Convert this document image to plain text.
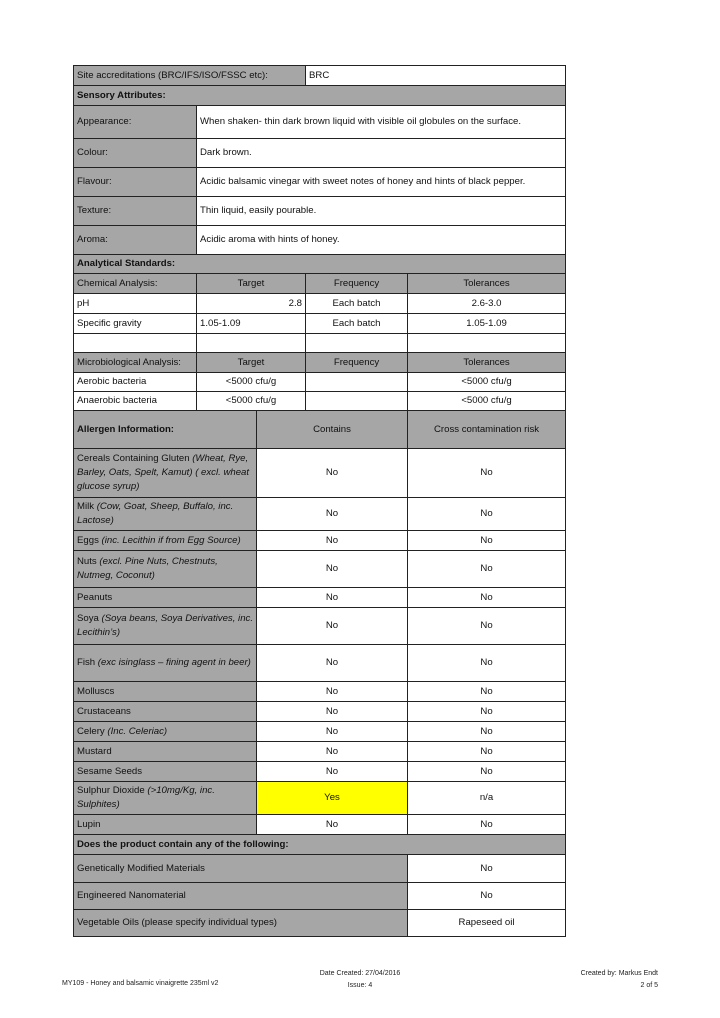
Site accreditations (BRC/IFS/ISO/FSSC etc):			BRC	
Sensory Attributes:				
Appearance:	When shaken- thin dark brown liquid with visible oil globules on the surface.			
Colour:	Dark brown.			
Flavour:	Acidic balsamic vinegar with sweet notes of honey and hints of black pepper.			
Texture:	Thin liquid, easily pourable.			
Aroma:	Acidic aroma with hints of honey.			
Analytical Standards:				
Chemical Analysis:	Target		Frequency	Tolerances
pH	2.8		Each batch	2.6-3.0
Specific gravity	1.05-1.09		Each batch	1.05-1.09

Microbiological Analysis:	Target		Frequency	Tolerances
Aerobic bacteria	<5000 cfu/g			<5000 cfu/g
Anaerobic bacteria	<5000 cfu/g			<5000 cfu/g
Allergen Information:		Contains		Cross contamination risk
Cereals Containing Gluten (Wheat, Rye, Barley, Oats, Spelt, Kamut) ( excl. wheat glucose syrup)		No		No
Milk (Cow, Goat, Sheep, Buffalo, inc. Lactose)		No		No
Eggs (inc. Lecithin if from Egg Source)		No		No
Nuts (excl. Pine Nuts, Chestnuts, Nutmeg, Coconut)		No		No
Peanuts		No		No
Soya (Soya beans, Soya Derivatives, inc. Lecithin’s)		No		No
Fish (exc isinglass – fining agent in beer)		No		No
Molluscs		No		No
Crustaceans		No		No
Celery (Inc. Celeriac)		No		No
Mustard		No		No
Sesame Seeds		No		No
Sulphur Dioxide (>10mg/Kg, inc. Sulphites)		Yes		n/a
Lupin		No		No
Does the product contain any of the following:				
Genetically Modified Materials				No
Engineered Nanomaterial				No
Vegetable Oils (please specify individual types)				Rapeseed oil
MY109 - Honey and balsamic vinaigrette 235ml v2
Date Created: 27/04/2016
Issue: 4
Created by: Markus Endt
2 of 5
